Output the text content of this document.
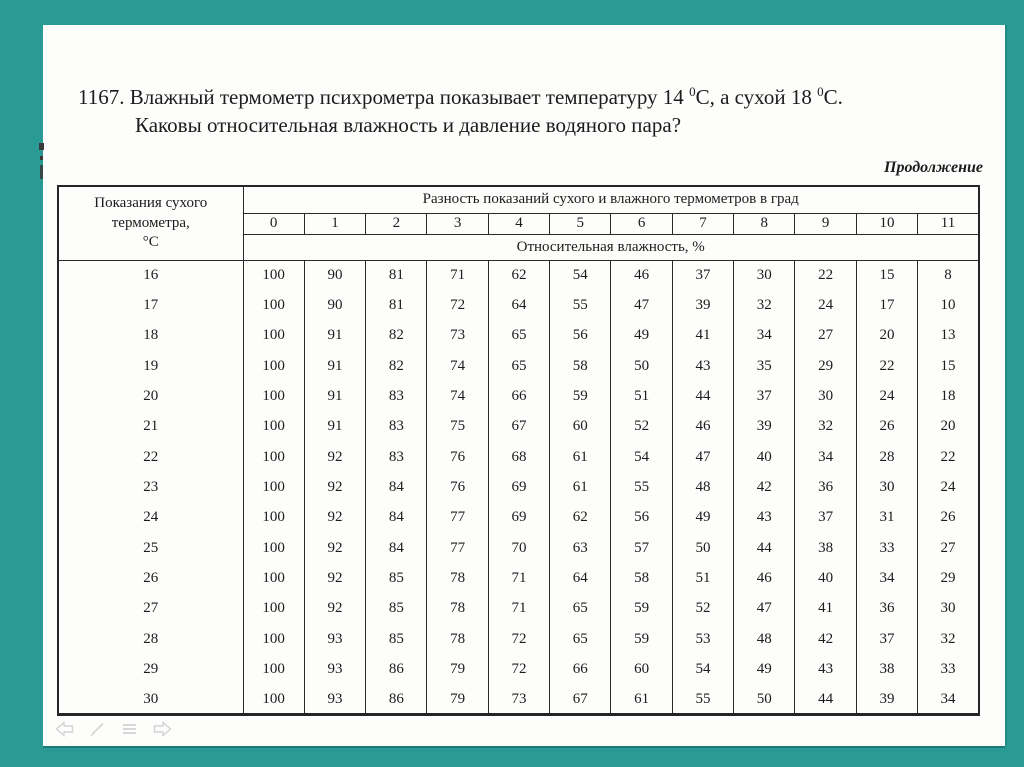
1167. Влажный термометр психрометра показывает температуру 14 $^0$С, а сухой 18 $^0$С.
Каковы относительная влажность и давление водяного пара?
Продолжение
Показания сухого
термометра,
°С	Разность показаний сухого и влажного термометров в град											
	0	1	2	3	4	5	6	7	8	9	10	11
	Относительная влажность, %											
16	100	90	81	71	62	54	46	37	30	22	15	8
17	100	90	81	72	64	55	47	39	32	24	17	10
18	100	91	82	73	65	56	49	41	34	27	20	13
19	100	91	82	74	65	58	50	43	35	29	22	15
20	100	91	83	74	66	59	51	44	37	30	24	18
21	100	91	83	75	67	60	52	46	39	32	26	20
22	100	92	83	76	68	61	54	47	40	34	28	22
23	100	92	84	76	69	61	55	48	42	36	30	24
24	100	92	84	77	69	62	56	49	43	37	31	26
25	100	92	84	77	70	63	57	50	44	38	33	27
26	100	92	85	78	71	64	58	51	46	40	34	29
27	100	92	85	78	71	65	59	52	47	41	36	30
28	100	93	85	78	72	65	59	53	48	42	37	32
29	100	93	86	79	72	66	60	54	49	43	38	33
30	100	93	86	79	73	67	61	55	50	44	39	34
